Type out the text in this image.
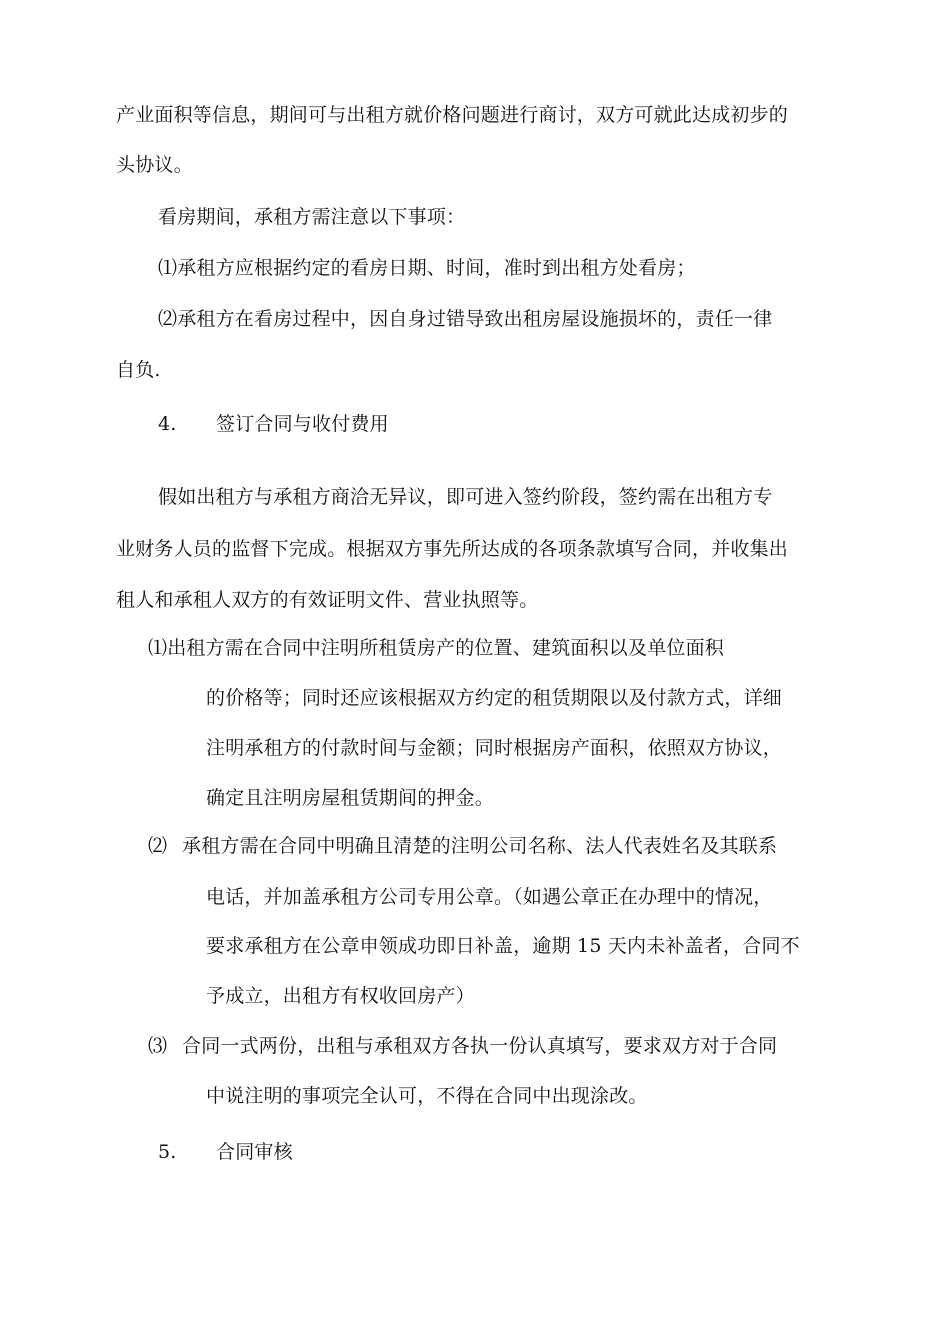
产业面积等信息，期间可与出租方就价格问题进行商讨，双方可就此达成初步的
头协议。
看房期间，承租方需注意以下事项：
⑴承租方应根据约定的看房日期、时间，准时到出租方处看房；
⑵承租方在看房过程中，因自身过错导致出租房屋设施损坏的，责任一律
自负.
4. 签订合同与收付费用
假如出租方与承租方商洽无异议，即可进入签约阶段，签约需在出租方专
业财务人员的监督下完成。根据双方事先所达成的各项条款填写合同，并收集出
租人和承租人双方的有效证明文件、营业执照等。
⑴出租方需在合同中注明所租赁房产的位置、建筑面积以及单位面积
的价格等；同时还应该根据双方约定的租赁期限以及付款方式，详细
注明承租方的付款时间与金额；同时根据房产面积，依照双方协议，
确定且注明房屋租赁期间的押金。
⑵ 承租方需在合同中明确且清楚的注明公司名称、法人代表姓名及其联系
电话，并加盖承租方公司专用公章。（如遇公章正在办理中的情况，
要求承租方在公章申领成功即日补盖，逾期 15 天内未补盖者，合同不
予成立，出租方有权收回房产）
⑶ 合同一式两份，出租与承租双方各执一份认真填写，要求双方对于合同
中说注明的事项完全认可，不得在合同中出现涂改。
5. 合同审核
